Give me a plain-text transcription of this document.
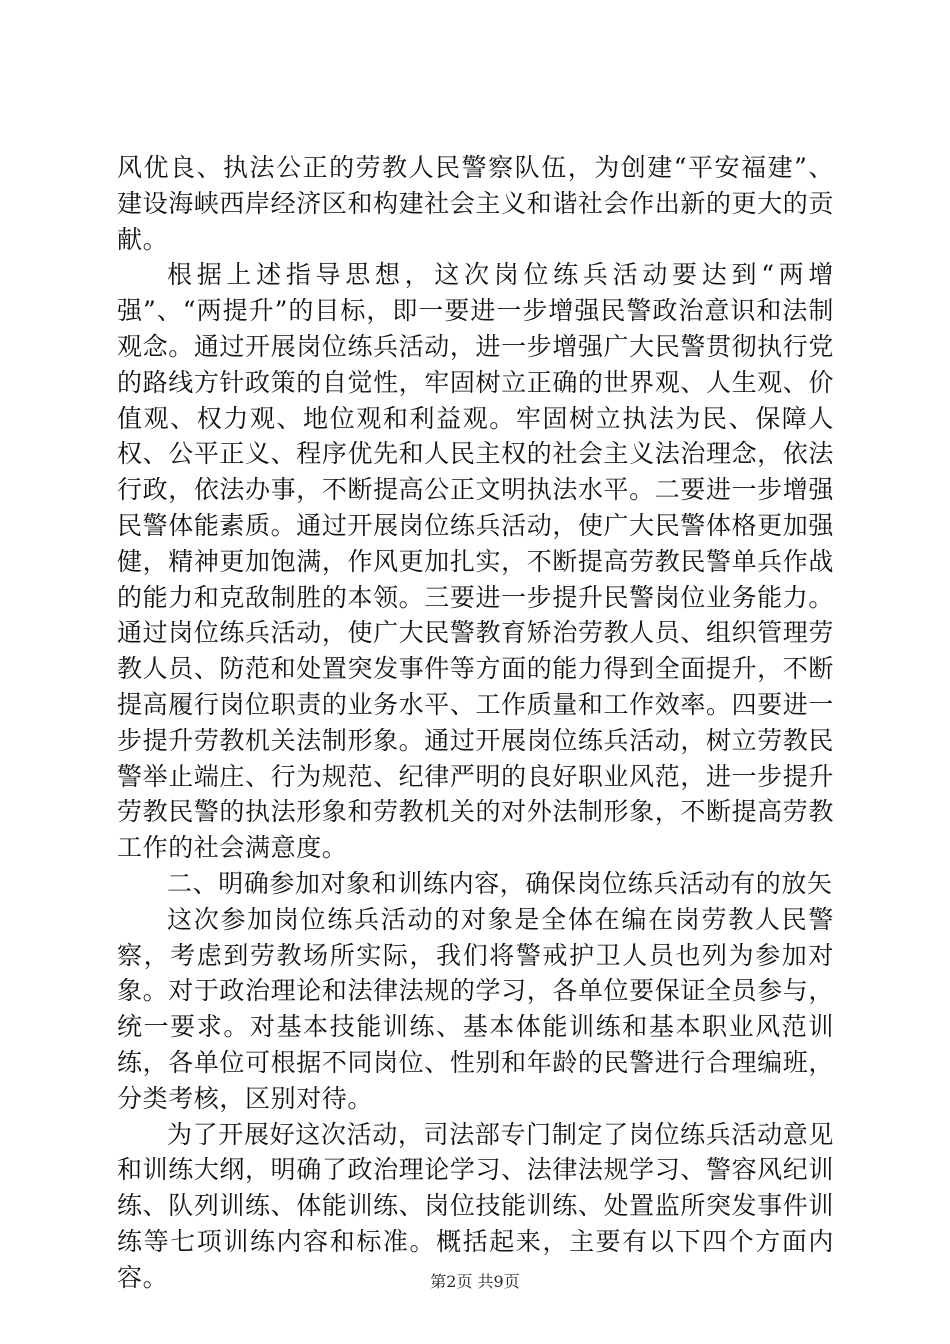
风优良、执法公正的劳教人民警察队伍，为创建“平安福建”、建设海峡西岸经济区和构建社会主义和谐社会作出新的更大的贡献。

根据上述指导思想，这次岗位练兵活动要达到“两增强”、“两提升”的目标，即一要进一步增强民警政治意识和法制观念。通过开展岗位练兵活动，进一步增强广大民警贯彻执行党的路线方针政策的自觉性，牢固树立正确的世界观、人生观、价值观、权力观、地位观和利益观。牢固树立执法为民、保障人权、公平正义、程序优先和人民主权的社会主义法治理念，依法行政，依法办事，不断提高公正文明执法水平。二要进一步增强民警体能素质。通过开展岗位练兵活动，使广大民警体格更加强健，精神更加饱满，作风更加扎实，不断提高劳教民警单兵作战的能力和克敌制胜的本领。三要进一步提升民警岗位业务能力。通过岗位练兵活动，使广大民警教育矫治劳教人员、组织管理劳教人员、防范和处置突发事件等方面的能力得到全面提升，不断提高履行岗位职责的业务水平、工作质量和工作效率。四要进一步提升劳教机关法制形象。通过开展岗位练兵活动，树立劳教民警举止端庄、行为规范、纪律严明的良好职业风范，进一步提升劳教民警的执法形象和劳教机关的对外法制形象，不断提高劳教工作的社会满意度。

二、明确参加对象和训练内容，确保岗位练兵活动有的放矢

这次参加岗位练兵活动的对象是全体在编在岗劳教人民警察，考虑到劳教场所实际，我们将警戒护卫人员也列为参加对象。对于政治理论和法律法规的学习，各单位要保证全员参与，统一要求。对基本技能训练、基本体能训练和基本职业风范训练，各单位可根据不同岗位、性别和年龄的民警进行合理编班，分类考核，区别对待。

为了开展好这次活动，司法部专门制定了岗位练兵活动意见和训练大纲，明确了政治理论学习、法律法规学习、警容风纪训练、队列训练、体能训练、岗位技能训练、处置监所突发事件训练等七项训练内容和标准。概括起来，主要有以下四个方面内容。	第2页 共9页
